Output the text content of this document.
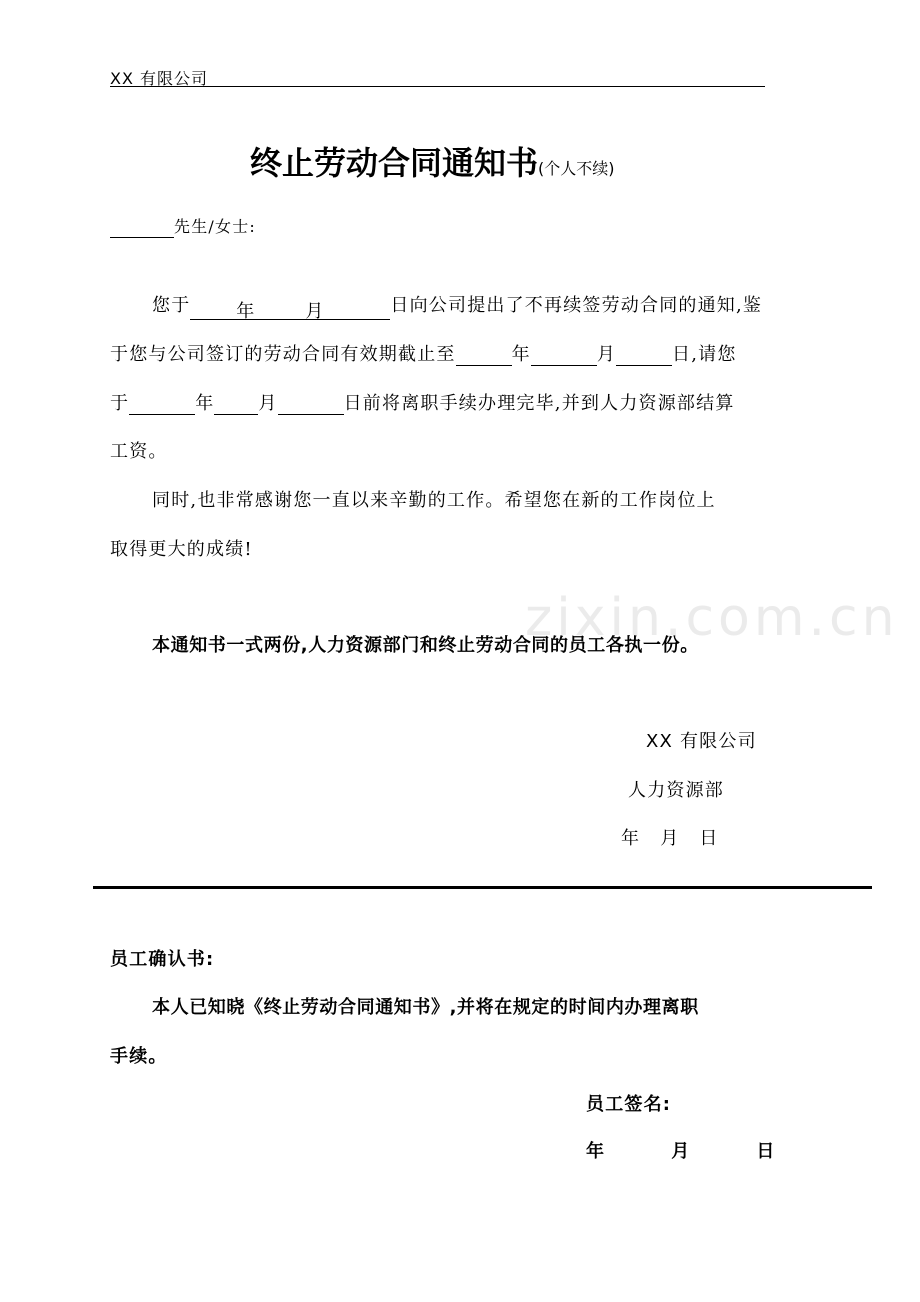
zixin.com.cn
XX 有限公司
终止劳动合同通知书(个人不续)
先生/女士:
您于	年	月	日向公司提出了不再续签劳动合同的通知,鉴
于您与公司签订的劳动合同有效期截止至	年	月	日,请您
于	年 月	日前将离职手续办理完毕,并到人力资源部结算
工资。
同时,也非常感谢您一直以来辛勤的工作。希望您在新的工作岗位上
取得更大的成绩!
本通知书一式两份,人力资源部门和终止劳动合同的员工各执一份。
XX 有限公司
人力资源部
年 月 日
员工确认书:
本人已知晓《终止劳动合同通知书》,并将在规定的时间内办理离职
手续。
员工签名:
年	月	日
